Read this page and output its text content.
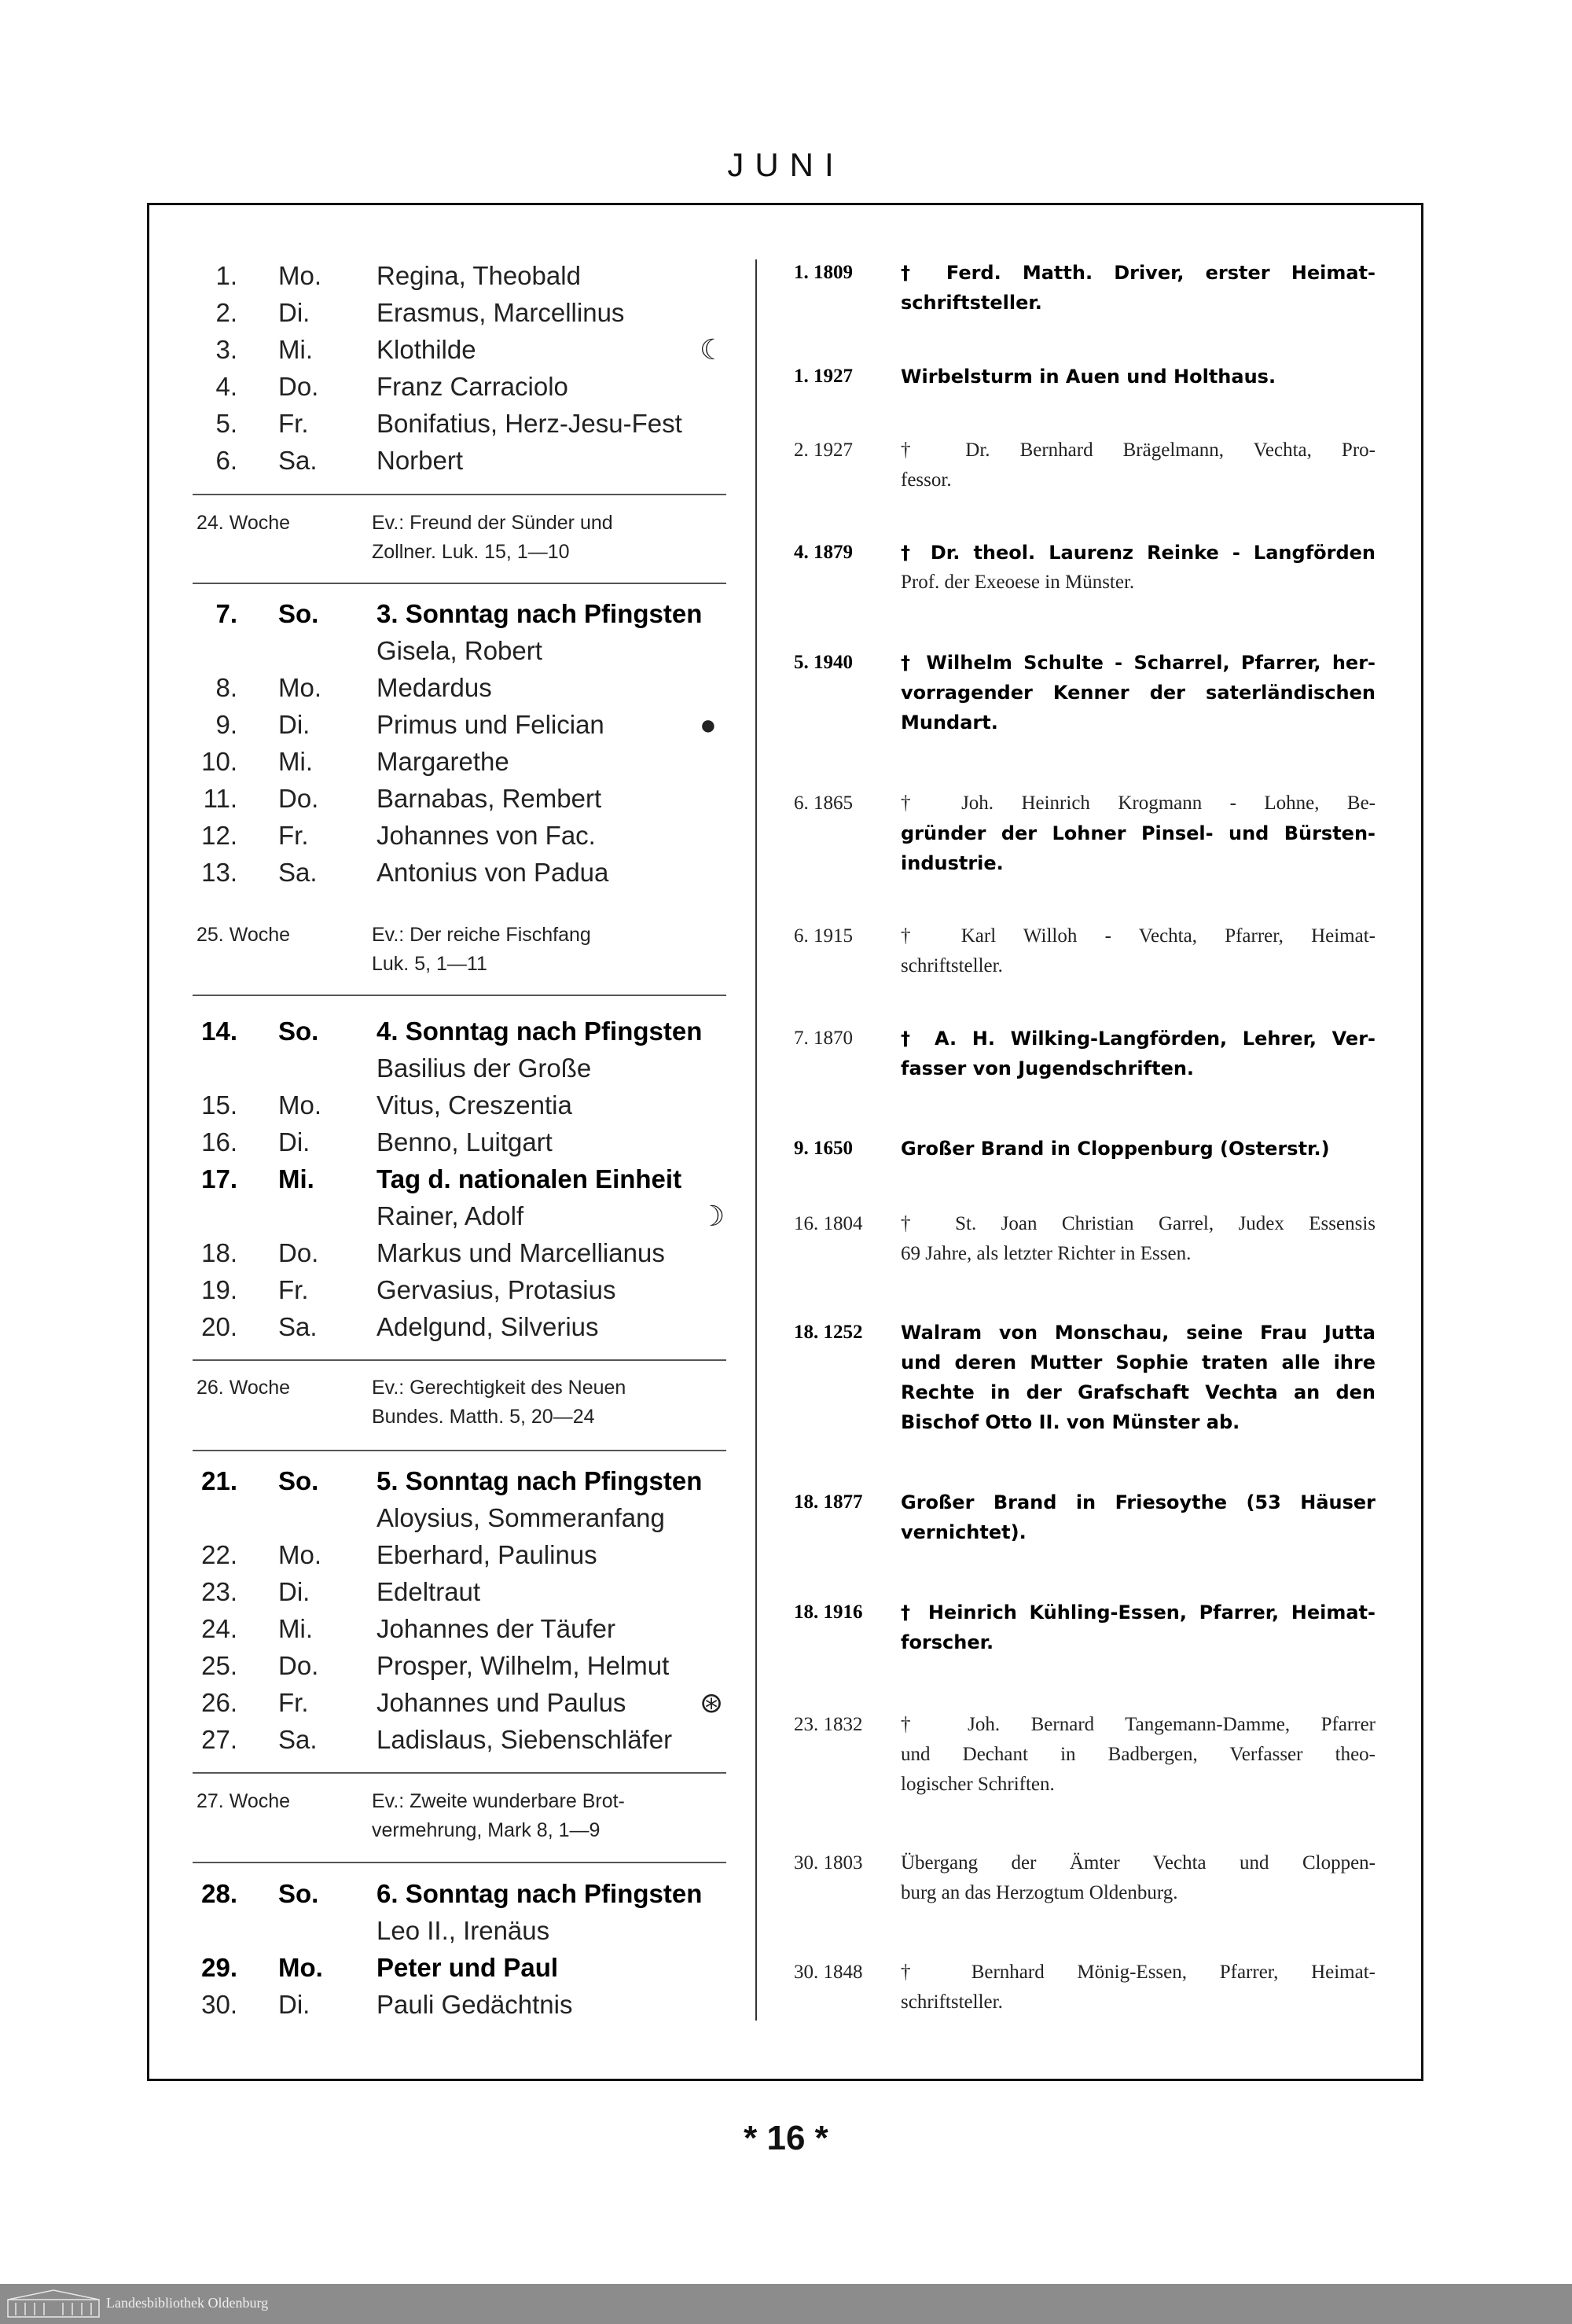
JUNI
1. Mo. Regina, Theobald
2. Di.	Erasmus, Marcellinus
3. Mi. Klothilde	☾
4. Do. Franz Carraciolo
5. Fr.	Bonifatius, Herz-Jesu-Fest
6. Sa. Norbert
7. So. 3. Sonntag nach Pfingsten
Gisela, Robert
8. Mo. Medardus
9. Di.	Primus und Felician	●
10. Mi. Margarethe
11. Do. Barnabas, Rembert
12. Fr.	Johannes von Fac.
13. Sa. Antonius von Padua
14. So. 4. Sonntag nach Pfingsten
Basilius der Große
15. Mo. Vitus, Creszentia
16. Di.	Benno, Luitgart
17. Mi. Tag d. nationalen Einheit
Rainer, Adolf	☽
18. Do. Markus und Marcellianus
19. Fr.	Gervasius, Protasius
20. Sa. Adelgund, Silverius
21. So. 5. Sonntag nach Pfingsten
Aloysius, Sommeranfang
22. Mo. Eberhard, Paulinus
23. Di.	Edeltraut
24. Mi. Johannes der Täufer
25. Do. Prosper, Wilhelm, Helmut
26. Fr.	Johannes und Paulus	⊛
27. Sa. Ladislaus, Siebenschläfer
28. So. 6. Sonntag nach Pfingsten
Leo II., Irenäus
29. Mo. Peter und Paul
30. Di.	Pauli Gedächtnis
24. Woche	Ev.: Freund der Sünder und
Zollner. Luk. 15, 1—10
25. Woche	Ev.: Der reiche Fischfang
Luk. 5, 1—11
26. Woche	Ev.: Gerechtigkeit des Neuen
Bundes. Matth. 5, 20—24
27. Woche	Ev.: Zweite wunderbare Brot-
vermehrung, Mark 8, 1—9
1. 1809	† Ferd. Matth. Driver, erster Heimat-
schriftsteller.
1. 1927	Wirbelsturm in Auen und Holthaus.
2. 1927	† Dr. Bernhard Brägelmann, Vechta, Pro-
fessor.
4. 1879	† Dr. theol. Laurenz Reinke - Langförden
Prof. der Exeoese in Münster.
5. 1940	† Wilhelm Schulte - Scharrel, Pfarrer, her-
vorragender Kenner der saterländischen
Mundart.
6. 1865	† Joh. Heinrich Krogmann - Lohne, Be-
gründer der Lohner Pinsel- und Bürsten-
industrie.
6. 1915	† Karl Willoh - Vechta, Pfarrer, Heimat-
schriftsteller.
7. 1870	† A. H. Wilking-Langförden, Lehrer, Ver-
fasser von Jugendschriften.
9. 1650	Großer Brand in Cloppenburg (Osterstr.)
16. 1804	† St. Joan Christian Garrel, Judex Essensis
69 Jahre, als letzter Richter in Essen.
18. 1252	Walram von Monschau, seine Frau Jutta
und deren Mutter Sophie traten alle ihre
Rechte in der Grafschaft Vechta an den
Bischof Otto II. von Münster ab.
18. 1877	Großer Brand in Friesoythe (53 Häuser
vernichtet).
18. 1916	† Heinrich Kühling-Essen, Pfarrer, Heimat-
forscher.
23. 1832	† Joh. Bernard Tangemann-Damme, Pfarrer
und Dechant in Badbergen, Verfasser theo-
logischer Schriften.
30. 1803	Übergang der Ämter Vechta und Cloppen-
burg an das Herzogtum Oldenburg.
30. 1848	† Bernhard Mönig-Essen, Pfarrer, Heimat-
schriftsteller.
* 16 *
Landesbibliothek Oldenburg
